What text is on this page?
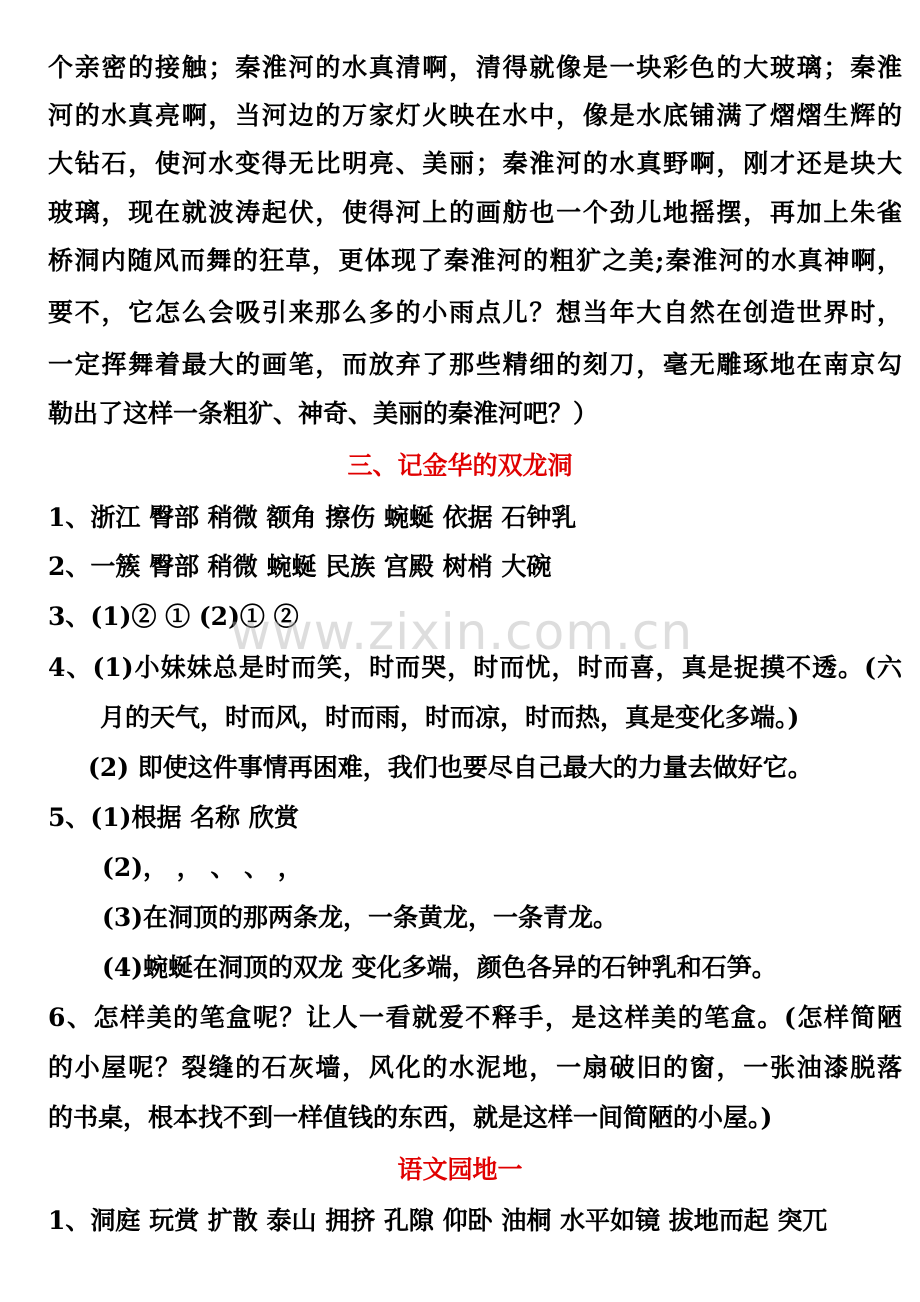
个亲密的接触；秦淮河的水真清啊，清得就像是一块彩色的大玻璃；秦淮
河的水真亮啊，当河边的万家灯火映在水中，像是水底铺满了熠熠生辉的
大钻石，使河水变得无比明亮、美丽；秦淮河的水真野啊，刚才还是块大
玻璃，现在就波涛起伏，使得河上的画舫也一个劲儿地摇摆，再加上朱雀
桥洞内随风而舞的狂草，更体现了秦淮河的粗犷之美;秦淮河的水真神啊，
要不，它怎么会吸引来那么多的小雨点儿？想当年大自然在创造世界时，
一定挥舞着最大的画笔，而放弃了那些精细的刻刀，毫无雕琢地在南京勾
勒出了这样一条粗犷、神奇、美丽的秦淮河吧？）
三、记金华的双龙洞
1、浙江 臀部 稍微 额角 擦伤 蜿蜒 依据 石钟乳
2、一簇 臀部 稍微 蜿蜒 民族 宫殿 树梢 大碗
3、(1)② ① (2)① ②
4、(1)小妹妹总是时而笑，时而哭，时而忧，时而喜，真是捉摸不透。(六
月的天气，时而风，时而雨，时而凉，时而热，真是变化多端。)
(2) 即使这件事情再困难，我们也要尽自己最大的力量去做好它。
5、(1)根据 名称 欣赏
(2)， ， 、 、 ，
(3)在洞顶的那两条龙，一条黄龙，一条青龙。
(4)蜿蜒在洞顶的双龙 变化多端，颜色各异的石钟乳和石笋。
6、怎样美的笔盒呢？让人一看就爱不释手，是这样美的笔盒。(怎样简陋
的小屋呢？裂缝的石灰墙，风化的水泥地，一扇破旧的窗，一张油漆脱落
的书桌，根本找不到一样值钱的东西，就是这样一间简陋的小屋。)
语文园地一
1、洞庭 玩赏 扩散 泰山 拥挤 孔隙 仰卧 油桐 水平如镜 拔地而起 突兀
www.zixin.com.cn
